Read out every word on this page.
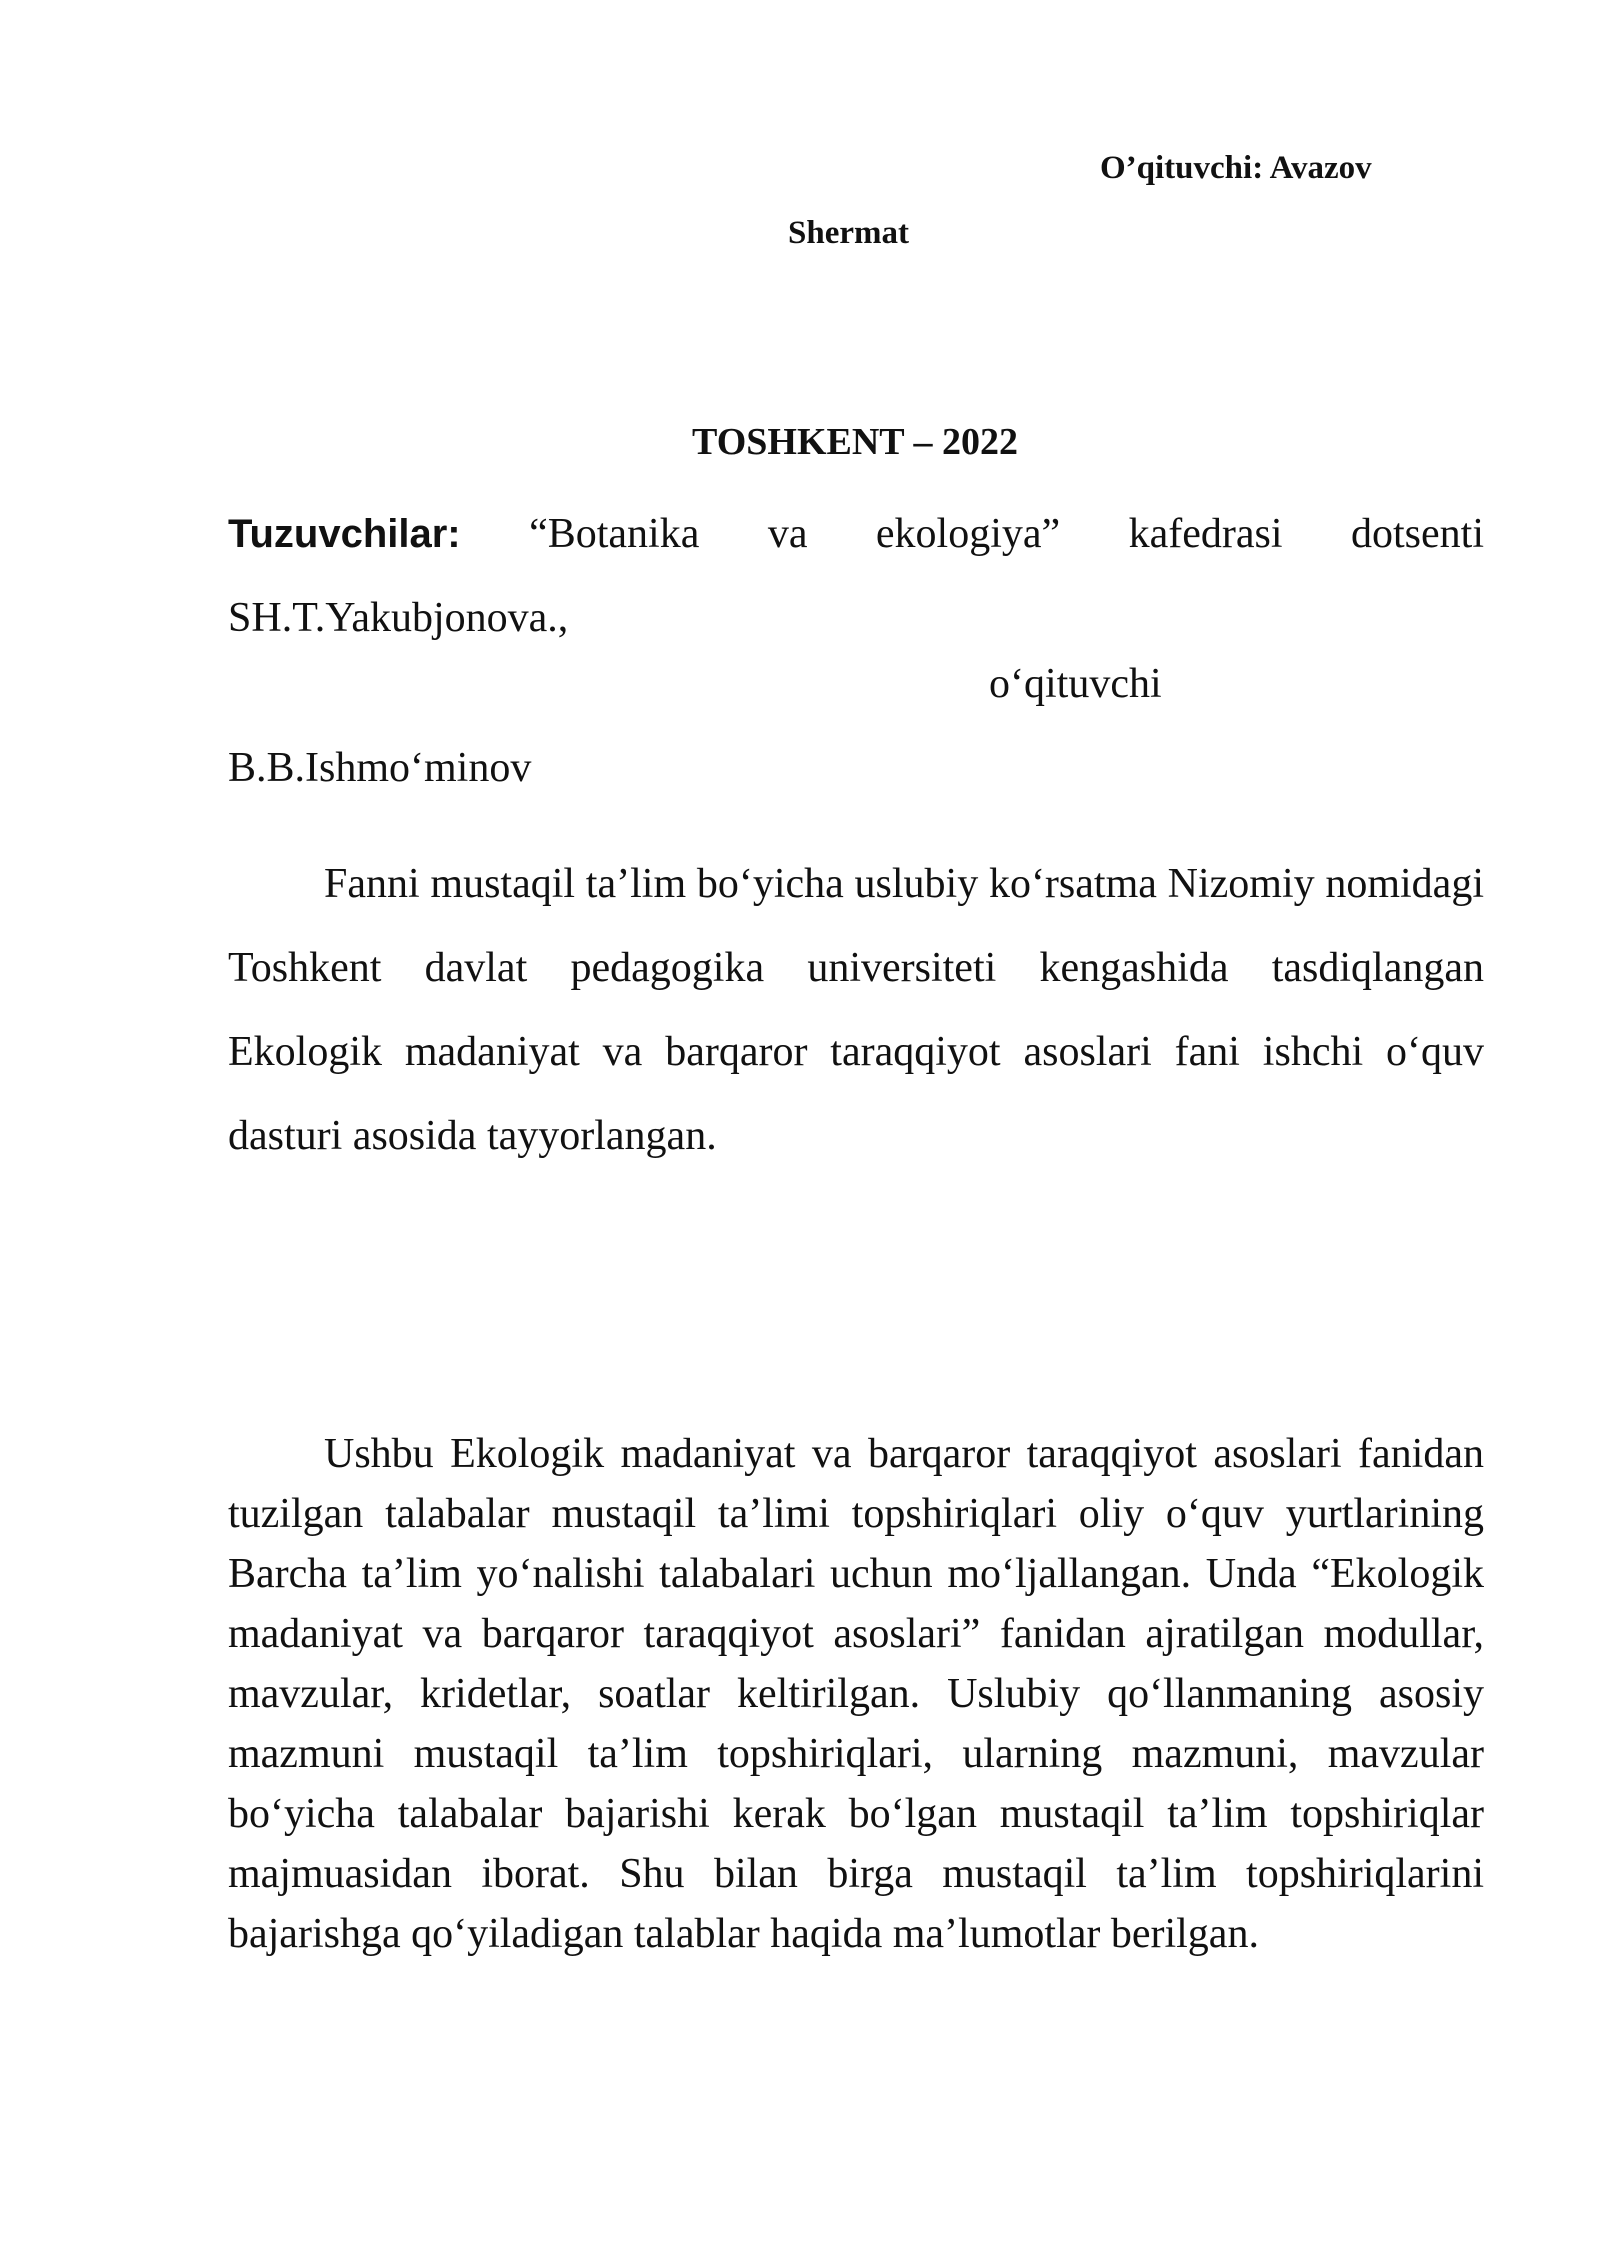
O’qituvchi: Avazov
Shermat
TOSHKENT – 2022
Tuzuvchilar: “Botanika va ekologiya” kafedrasi dotsenti
SH.T.Yakubjonova.,
o‘qituvchi
B.B.Ishmo‘minov

Fanni mustaqil ta’lim bo‘yicha uslubiy ko‘rsatma Nizomiy nomidagi Toshkent davlat pedagogika universiteti kengashida tasdiqlangan Ekologik madaniyat va barqaror taraqqiyot asoslari fani ishchi o‘quv dasturi asosida tayyorlangan.

Ushbu Ekologik madaniyat va barqaror taraqqiyot asoslari fanidan tuzilgan talabalar mustaqil ta’limi topshiriqlari oliy o‘quv yurtlarining Barcha ta’lim yo‘nalishi talabalari uchun mo‘ljallangan. Unda “Ekologik madaniyat va barqaror taraqqiyot asoslari” fanidan ajratilgan modullar, mavzular, kridetlar, soatlar keltirilgan. Uslubiy qo‘llanmaning asosiy mazmuni mustaqil ta’lim topshiriqlari, ularning mazmuni, mavzular bo‘yicha talabalar bajarishi kerak bo‘lgan mustaqil ta’lim topshiriqlar majmuasidan iborat. Shu bilan birga mustaqil ta’lim topshiriqlarini bajarishga qo‘yiladigan talablar haqida ma’lumotlar berilgan.
